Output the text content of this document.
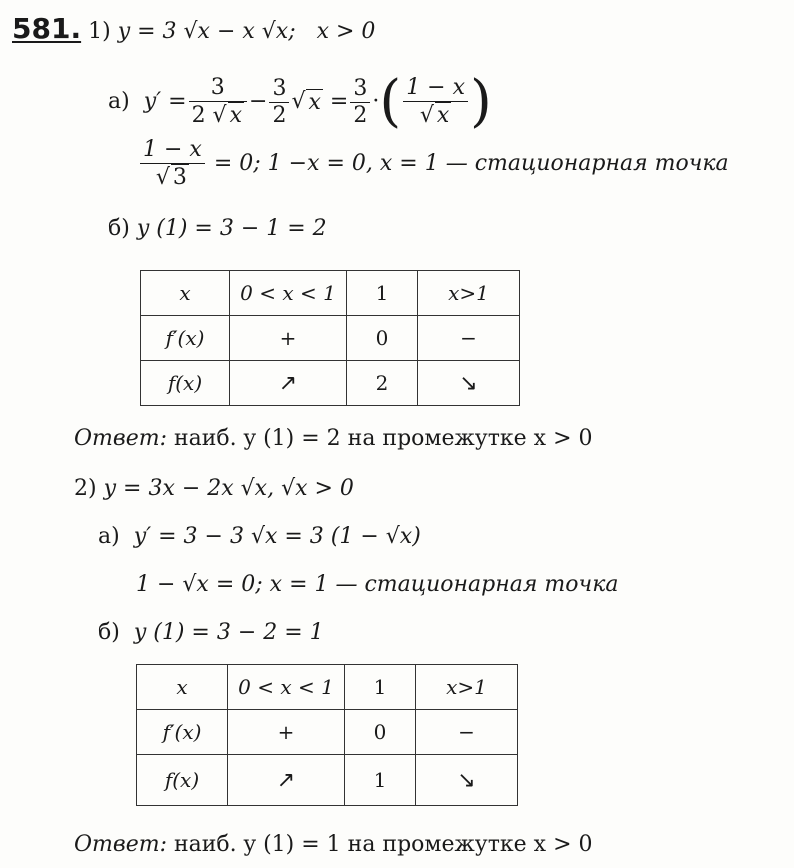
581. 1) y = 3 √x − x √x; x > 0
а)
$y' = \frac{3}{2 √ x} - \frac{3}{2}$ √ x
= $\frac{3}{2}$ · ( $\frac{1 - x}{√ x}$ )
$\frac{1 - x}{√ 3}$
= 0; 1 −x = 0, x = 1 — стационарная точка
б) y (1) = 3 − 1 = 2
x	0 < x < 1	1	x>1
f′(x)	+	0	−
f(x)	↗	2	↘
Ответ: наиб. y (1) = 2 на промежутке x > 0
2) y = 3x − 2x √x, √x > 0
а) y′ = 3 − 3 √x = 3 (1 − √x)
1 − √x = 0; x = 1 — стационарная точка
б) y (1) = 3 − 2 = 1
x	0 < x < 1	1	x>1
f′(x)	+	0	−
f(x)	↗	1	↘
Ответ: наиб. y (1) = 1 на промежутке x > 0
